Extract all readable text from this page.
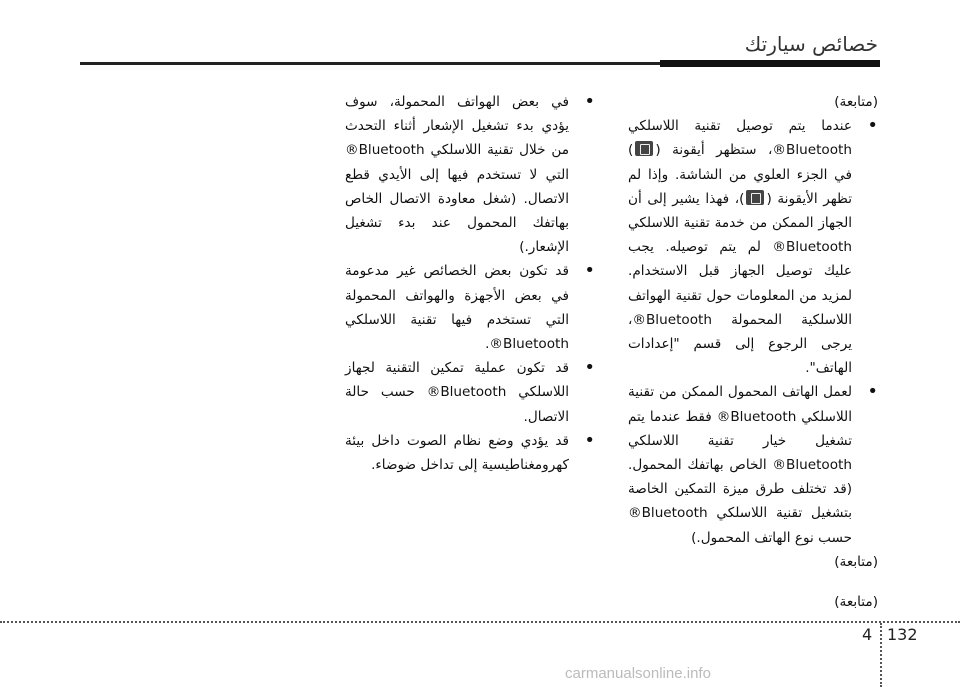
خصائص سيارتك

(متابعة)

• عندما يتم توصيل تقنية اللاسلكي Bluetooth®، ستظهر أيقونة () في الجزء العلوي من الشاشة. وإذا لم تظهر الأيقونة ()، فهذا يشير إلى أن الجهاز الممكن من خدمة تقنية اللاسلكي Bluetooth® لم يتم توصيله. يجب عليك توصيل الجهاز قبل الاستخدام. لمزيد من المعلومات حول تقنية الهواتف اللاسلكية المحمولة Bluetooth®، يرجى الرجوع إلى قسم "إعدادات الهاتف".

• لعمل الهاتف المحمول الممكن من تقنية اللاسلكي Bluetooth® فقط عندما يتم تشغيل خيار تقنية اللاسلكي Bluetooth® الخاص بهاتفك المحمول. (قد تختلف طرق ميزة التمكين الخاصة بتشغيل تقنية اللاسلكي Bluetooth® حسب نوع الهاتف المحمول.)

(متابعة)

• في بعض الهواتف المحمولة، سوف يؤدي بدء تشغيل الإشعار أثناء التحدث من خلال تقنية اللاسلكي Bluetooth® التي لا تستخدم فيها إلى الأيدي قطع الاتصال. (شغل معاودة الاتصال الخاص بهاتفك المحمول عند بدء تشغيل الإشعار.)

• قد تكون بعض الخصائص غير مدعومة في بعض الأجهزة والهواتف المحمولة التي تستخدم فيها تقنية اللاسلكي Bluetooth®.

• قد تكون عملية تمكين التقنية لجهاز اللاسلكي Bluetooth® حسب حالة الاتصال.

• قد يؤدي وضع نظام الصوت داخل بيئة كهرومغناطيسية إلى تداخل ضوضاء.

(متابعة)
4 132
carmanualsonline.info
